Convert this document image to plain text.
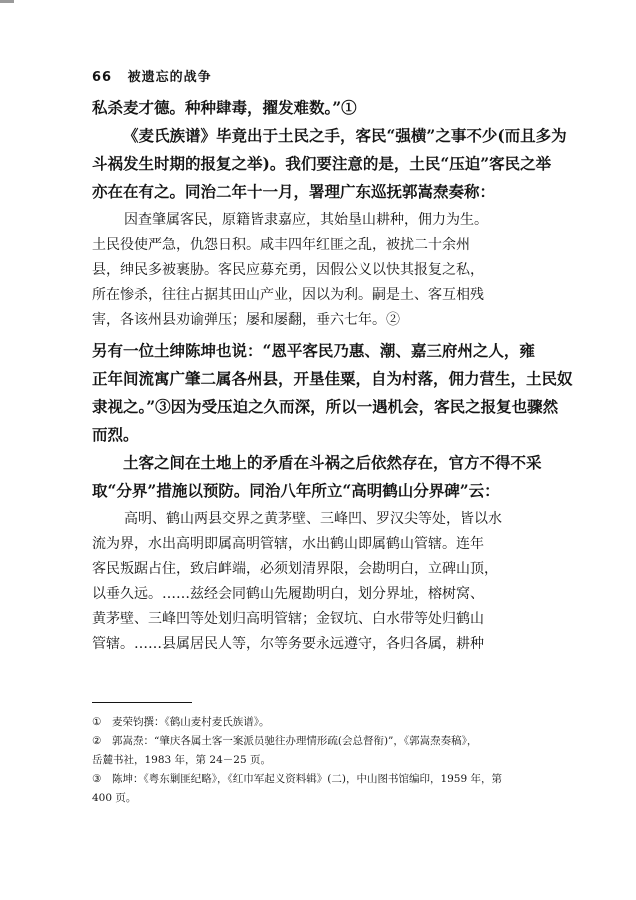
66 被遗忘的战争
私杀麦才德。种种肆毒，擢发难数。”①
《麦氏族谱》毕竟出于土民之手，客民“强横”之事不少(而且多为
斗祸发生时期的报复之举)。我们要注意的是，土民“压迫”客民之举
亦在在有之。同治二年十一月，署理广东巡抚郭嵩焘奏称：
因查肇属客民，原籍皆隶嘉应，其始垦山耕种，佣力为生。
土民役使严急，仇怨日积。咸丰四年红匪之乱，被扰二十余州
县，绅民多被裹胁。客民应募充勇，因假公义以快其报复之私，
所在惨杀，往往占据其田山产业，因以为利。嗣是土、客互相残
害，各该州县劝谕弹压；屡和屡翻，垂六七年。②
另有一位土绅陈坤也说：“恩平客民乃惠、潮、嘉三府州之人，雍
正年间流寓广肇二属各州县，开垦佳粟，自为村落，佣力营生，土民奴
隶视之。”③因为受压迫之久而深，所以一遇机会，客民之报复也骤然
而烈。
土客之间在土地上的矛盾在斗祸之后依然存在，官方不得不采
取“分界”措施以预防。同治八年所立“高明鹤山分界碑”云：
高明、鹤山两县交界之黄茅壁、三峰凹、罗汉尖等处，皆以水
流为界，水出高明即属高明管辖，水出鹤山即属鹤山管辖。连年
客民叛踞占住，致启衅端，必须划清界限，会勘明白，立碑山顶，
以垂久远。……兹经会同鹤山先履勘明白，划分界址，榕树窝、
黄茅壁、三峰凹等处划归高明管辖；金钗坑、白水带等处归鹤山
管辖。……县属居民人等，尔等务要永远遵守，各归各属，耕种
① 麦荣钧撰：《鹤山麦村麦氏族谱》。
② 郭嵩焘：“肇庆各属土客一案派员驰往办理情形疏(会总督衔)”，《郭嵩焘奏稿》，
岳麓书社，1983 年，第 24－25 页。
③ 陈坤：《粤东剿匪纪略》，《红巾军起义资料辑》(二)，中山图书馆编印，1959 年，第
400 页。
